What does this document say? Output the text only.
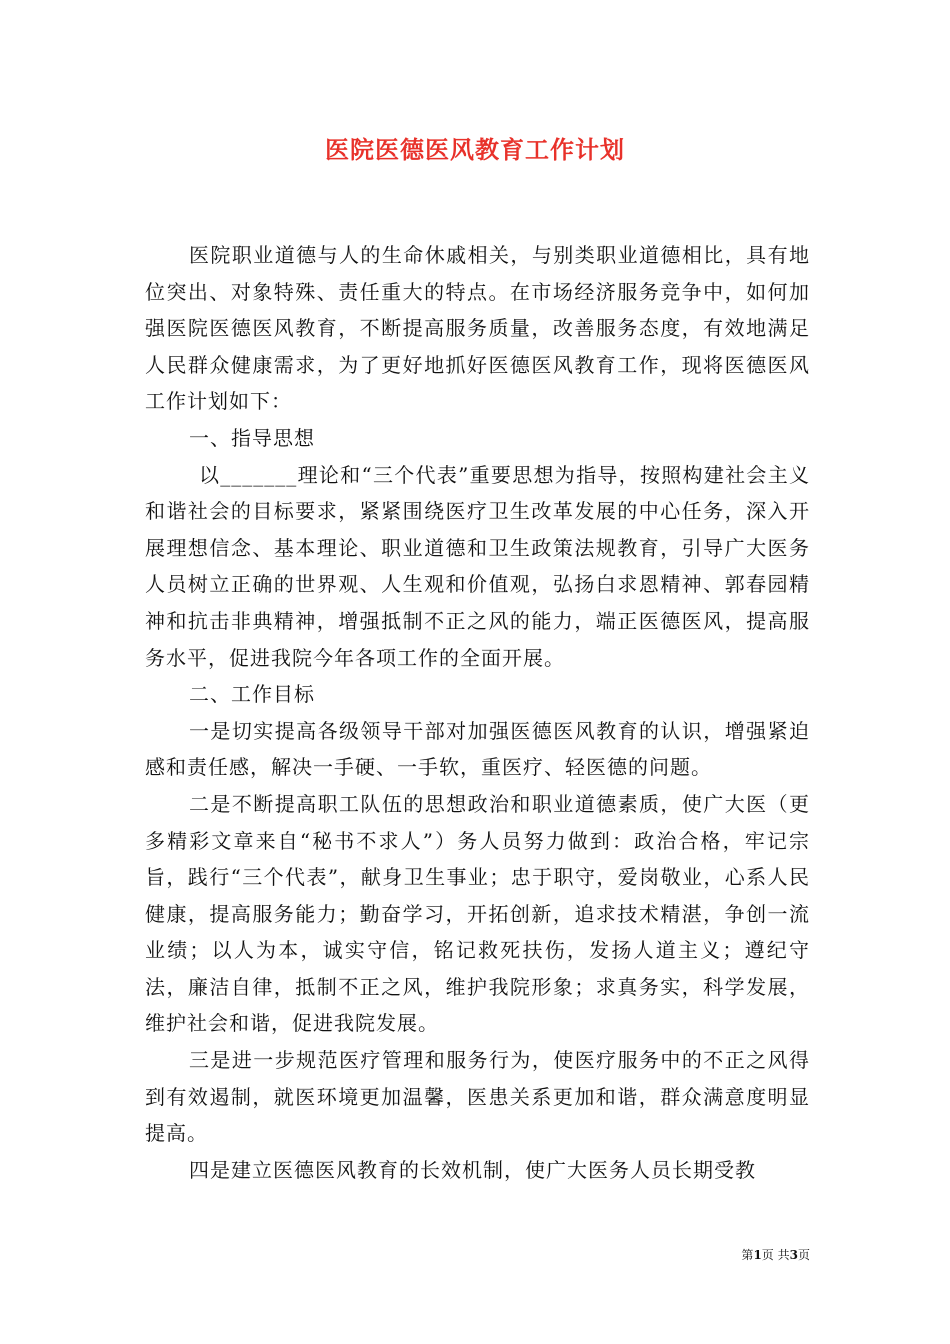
医院医德医风教育工作计划

医院职业道德与人的生命休戚相关，与别类职业道德相比，具有地位突出、对象特殊、责任重大的特点。在市场经济服务竞争中，如何加强医院医德医风教育，不断提高服务质量，改善服务态度，有效地满足人民群众健康需求，为了更好地抓好医德医风教育工作，现将医德医风工作计划如下：

一、指导思想

以_______理论和“三个代表”重要思想为指导，按照构建社会主义和谐社会的目标要求，紧紧围绕医疗卫生改革发展的中心任务，深入开展理想信念、基本理论、职业道德和卫生政策法规教育，引导广大医务人员树立正确的世界观、人生观和价值观，弘扬白求恩精神、郭春园精神和抗击非典精神，增强抵制不正之风的能力，端正医德医风，提高服务水平，促进我院今年各项工作的全面开展。

二、工作目标

一是切实提高各级领导干部对加强医德医风教育的认识，增强紧迫感和责任感，解决一手硬、一手软，重医疗、轻医德的问题。

二是不断提高职工队伍的思想政治和职业道德素质，使广大医（更多精彩文章来自“秘书不求人”）务人员努力做到：政治合格，牢记宗旨，践行“三个代表”，献身卫生事业；忠于职守，爱岗敬业，心系人民健康，提高服务能力；勤奋学习，开拓创新，追求技术精湛，争创一流业绩；以人为本，诚实守信，铭记救死扶伤，发扬人道主义；遵纪守法，廉洁自律，抵制不正之风，维护我院形象；求真务实，科学发展，维护社会和谐，促进我院发展。

三是进一步规范医疗管理和服务行为，使医疗服务中的不正之风得到有效遏制，就医环境更加温馨，医患关系更加和谐，群众满意度明显提高。

四是建立医德医风教育的长效机制，使广大医务人员长期受教

第1页 共3页
